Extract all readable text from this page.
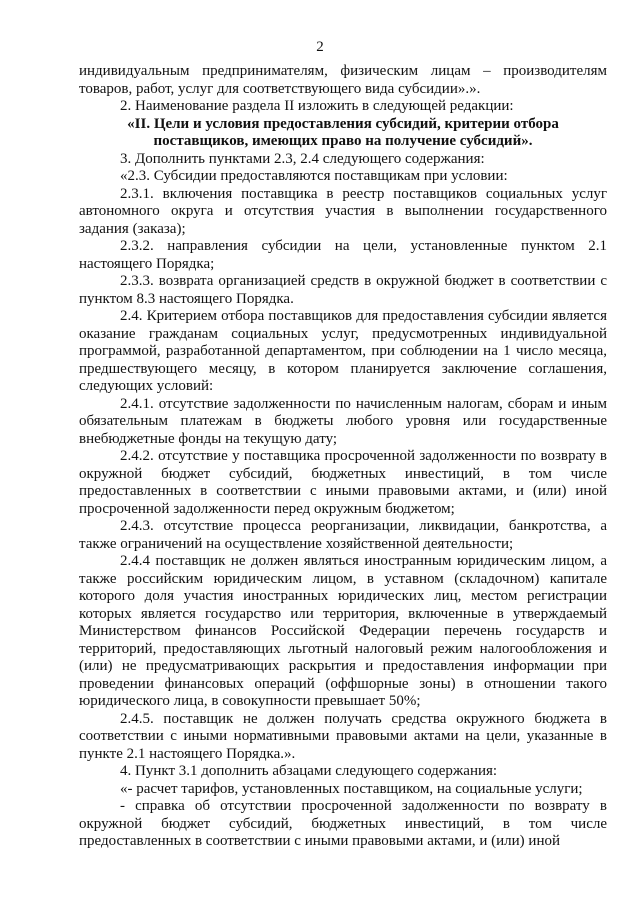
2

индивидуальным предпринимателям, физическим лицам – производителям товаров, работ, услуг для соответствующего вида субсидии».».

2. Наименование раздела II изложить в следующей редакции:

«II. Цели и условия предоставления субсидий, критерии отбора поставщиков, имеющих право на получение субсидий».

3. Дополнить пунктами 2.3, 2.4 следующего содержания:

«2.3. Субсидии предоставляются поставщикам при условии:

2.3.1. включения поставщика в реестр поставщиков социальных услуг автономного округа и отсутствия участия в выполнении государственного задания (заказа);

2.3.2. направления субсидии на цели, установленные пунктом 2.1 настоящего Порядка;

2.3.3. возврата организацией средств в окружной бюджет в соответствии с пунктом 8.3 настоящего Порядка.

2.4. Критерием отбора поставщиков для предоставления субсидии является оказание гражданам социальных услуг, предусмотренных индивидуальной программой, разработанной департаментом, при соблюдении на 1 число месяца, предшествующего месяцу, в котором планируется заключение соглашения, следующих условий:

2.4.1. отсутствие задолженности по начисленным налогам, сборам и иным обязательным платежам в бюджеты любого уровня или государственные внебюджетные фонды на текущую дату;

2.4.2. отсутствие у поставщика просроченной задолженности по возврату в окружной бюджет субсидий, бюджетных инвестиций, в том числе предоставленных в соответствии с иными правовыми актами, и (или) иной просроченной задолженности перед окружным бюджетом;

2.4.3. отсутствие процесса реорганизации, ликвидации, банкротства, а также ограничений на осуществление хозяйственной деятельности;

2.4.4 поставщик не должен являться иностранным юридическим лицом, а также российским юридическим лицом, в уставном (складочном) капитале которого доля участия иностранных юридических лиц, местом регистрации которых является государство или территория, включенные в утверждаемый Министерством финансов Российской Федерации перечень государств и территорий, предоставляющих льготный налоговый режим налогообложения и (или) не предусматривающих раскрытия и предоставления информации при проведении финансовых операций (оффшорные зоны) в отношении такого юридического лица, в совокупности превышает 50%;

2.4.5. поставщик не должен получать средства окружного бюджета в соответствии с иными нормативными правовыми актами на цели, указанные в пункте 2.1 настоящего Порядка.».

4. Пункт 3.1 дополнить абзацами следующего содержания:

«- расчет тарифов, установленных поставщиком, на социальные услуги;

- справка об отсутствии просроченной задолженности по возврату в окружной бюджет субсидий, бюджетных инвестиций, в том числе предоставленных в соответствии с иными правовыми актами, и (или) иной
